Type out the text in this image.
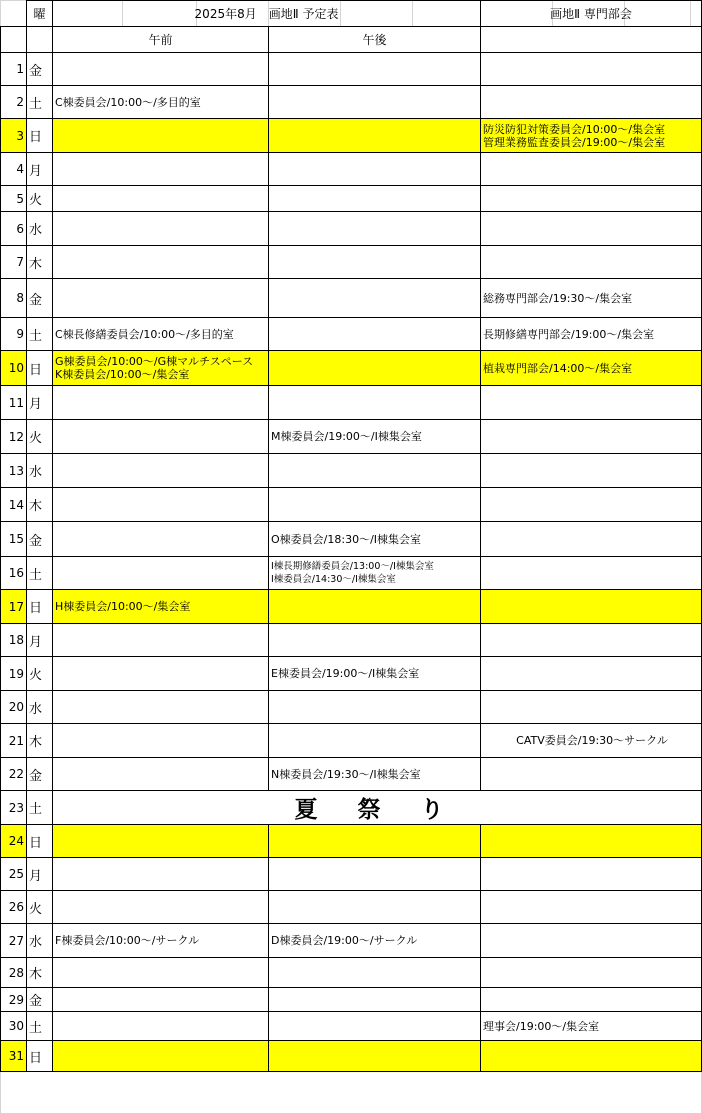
	曜	2025年8月　画地Ⅱ 予定表		画地Ⅱ 専門部会
		午前	午後	
1	金			
2	土	C棟委員会/10:00～/多目的室		
3	日			防災防犯対策委員会/10:00～/集会室
管理業務監査委員会/19:00～/集会室
4	月			
5	火			
6	水			
7	木			
8	金			総務専門部会/19:30～/集会室
9	土	C棟長修繕委員会/10:00～/多目的室		長期修繕専門部会/19:00～/集会室
10	日	G棟委員会/10:00～/G棟マルチスペース
K棟委員会/10:00～/集会室		植栽専門部会/14:00～/集会室
11	月			
12	火		M棟委員会/19:00～/I棟集会室	
13	水			
14	木			
15	金		O棟委員会/18:30～/I棟集会室	
16	土		I棟長期修繕委員会/13:00～/I棟集会室
I棟委員会/14:30～/I棟集会室	
17	日	H棟委員会/10:00～/集会室		
18	月			
19	火		E棟委員会/19:00～/I棟集会室	
20	水			
21	木			CATV委員会/19:30～サークル
22	金		N棟委員会/19:30～/I棟集会室	
23	土	夏 祭 り		
24	日			
25	月			
26	火			
27	水	F棟委員会/10:00～/サークル	D棟委員会/19:00～/サークル	
28	木			
29	金			
30	土			理事会/19:00～/集会室
31	日			
